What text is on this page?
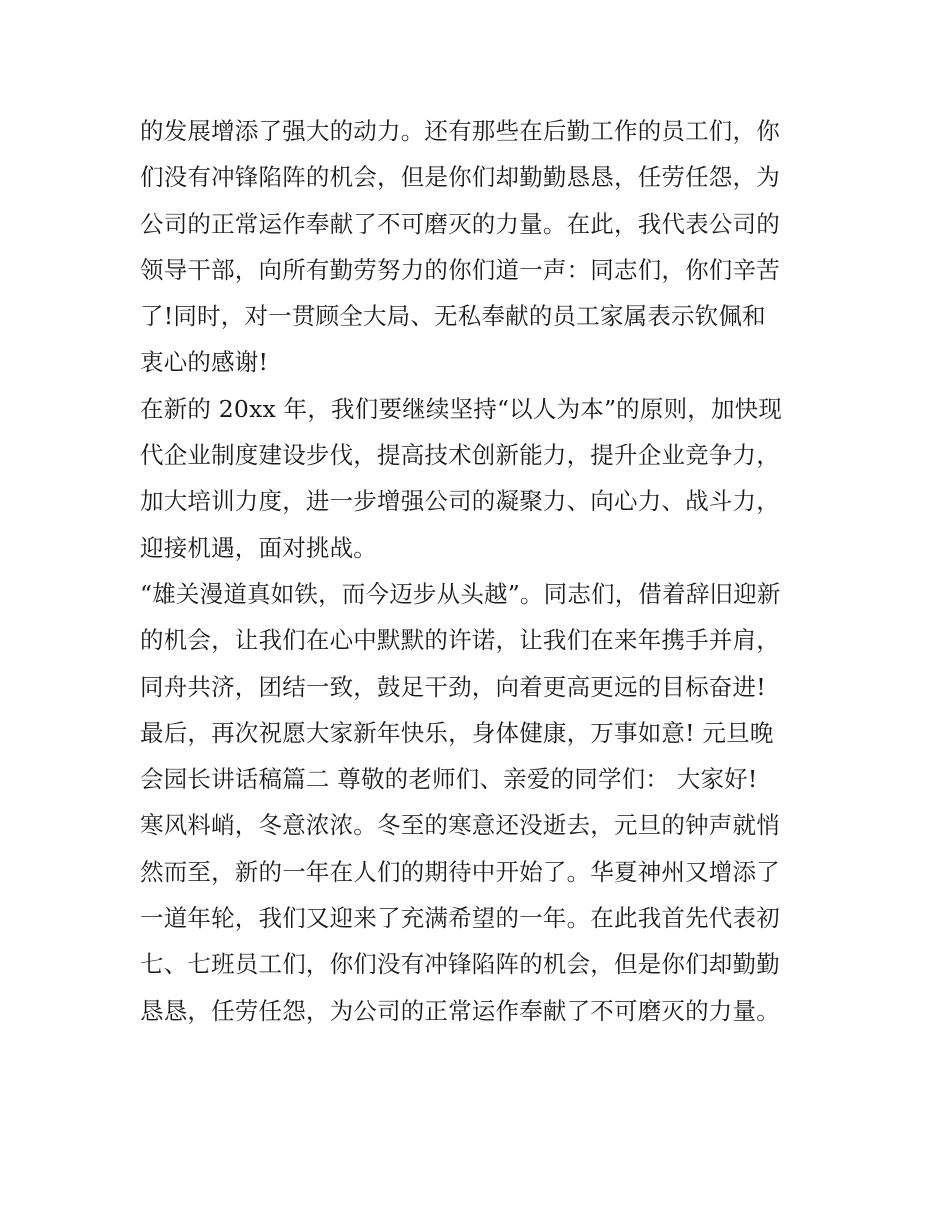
的发展增添了强大的动力。还有那些在后勤工作的员工们，你
们没有冲锋陷阵的机会，但是你们却勤勤恳恳，任劳任怨，为
公司的正常运作奉献了不可磨灭的力量。在此，我代表公司的
领导干部，向所有勤劳努力的你们道一声：同志们，你们辛苦
了!同时，对一贯顾全大局、无私奉献的员工家属表示钦佩和
衷心的感谢!
在新的 20xx 年，我们要继续坚持“以人为本”的原则，加快现
代企业制度建设步伐，提高技术创新能力，提升企业竞争力，
加大培训力度，进一步增强公司的凝聚力、向心力、战斗力，
迎接机遇，面对挑战。
“雄关漫道真如铁，而今迈步从头越”。同志们，借着辞旧迎新
的机会，让我们在心中默默的许诺，让我们在来年携手并肩，
同舟共济，团结一致，鼓足干劲，向着更高更远的目标奋进!
最后，再次祝愿大家新年快乐，身体健康，万事如意! 元旦晚
会园长讲话稿篇二 尊敬的老师们、亲爱的同学们： 大家好!
寒风料峭，冬意浓浓。冬至的寒意还没逝去，元旦的钟声就悄
然而至，新的一年在人们的期待中开始了。华夏神州又增添了
一道年轮，我们又迎来了充满希望的一年。在此我首先代表初
七、七班员工们，你们没有冲锋陷阵的机会，但是你们却勤勤
恳恳，任劳任怨，为公司的正常运作奉献了不可磨灭的力量。
